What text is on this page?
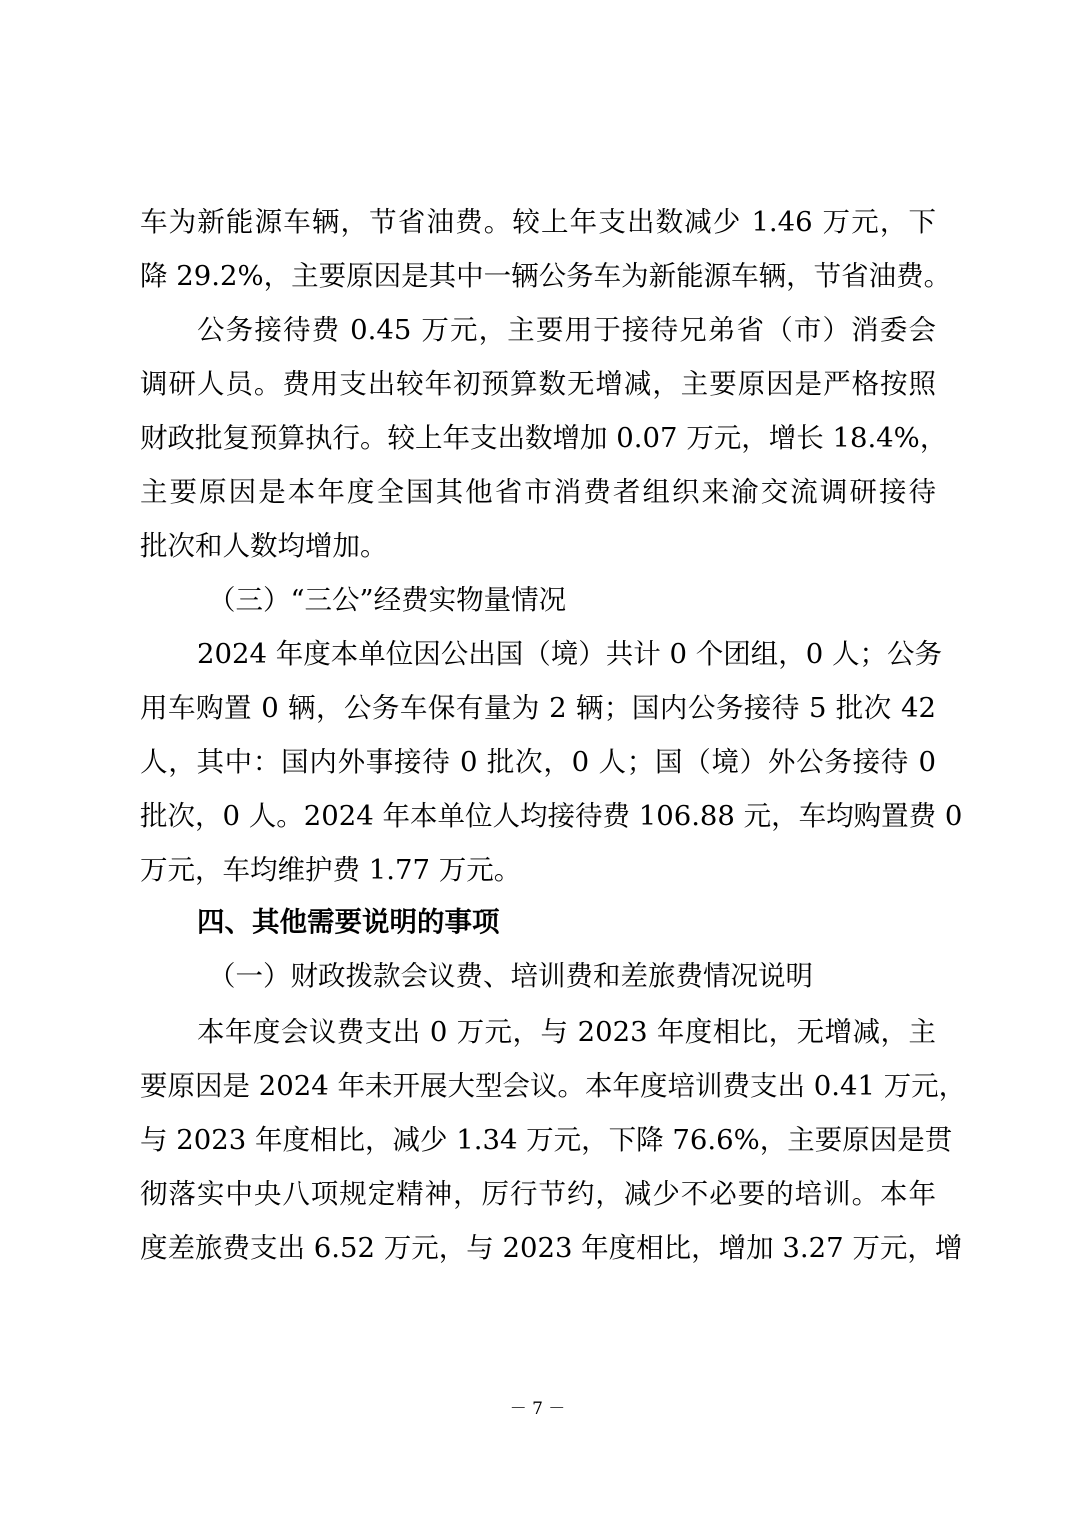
车为新能源车辆，节省油费。较上年支出数减少 1.46 万元，下
降 29.2%，主要原因是其中一辆公务车为新能源车辆，节省油费。
公务接待费 0.45 万元，主要用于接待兄弟省（市）消委会
调研人员。费用支出较年初预算数无增减，主要原因是严格按照
财政批复预算执行。较上年支出数增加 0.07 万元，增长 18.4%，
主要原因是本年度全国其他省市消费者组织来渝交流调研接待
批次和人数均增加。
（三）“三公”经费实物量情况
2024 年度本单位因公出国（境）共计 0 个团组，0 人；公务
用车购置 0 辆，公务车保有量为 2 辆；国内公务接待 5 批次 42
人，其中：国内外事接待 0 批次，0 人；国（境）外公务接待 0
批次，0 人。2024 年本单位人均接待费 106.88 元，车均购置费 0
万元，车均维护费 1.77 万元。
四、其他需要说明的事项
（一）财政拨款会议费、培训费和差旅费情况说明
本年度会议费支出 0 万元，与 2023 年度相比，无增减，主
要原因是 2024 年未开展大型会议。本年度培训费支出 0.41 万元，
与 2023 年度相比，减少 1.34 万元，下降 76.6%，主要原因是贯
彻落实中央八项规定精神，厉行节约，减少不必要的培训。本年
度差旅费支出 6.52 万元，与 2023 年度相比，增加 3.27 万元，增
－ 7 －
